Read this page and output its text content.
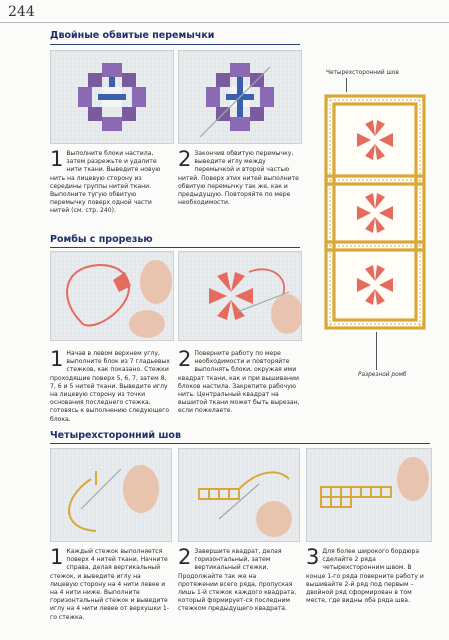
244
Двойные обвитые перемычки
1 Выполните блоки настила, затем разрежьте и удалите нити ткани. Выведите новую нить на лицевую сторону из середины группы нитей ткани. Выполните тугую обвитую перемычку поверх одной части нитей (см. стр. 240).
2 Закончив обвитую перемычку, выведите иглу между перемычкой и второй частью нитей. Поверх этих нитей выполните обвитую перемычку так же, как и предыдущую. Повторяйте по мере необходимости.
Ромбы с прорезью
1 Начав в левом верхнем углу, выполните блок из 7 гладьевых стежков, как показано. Стежки проходящие поверх 5, 6, 7, затем 8, 7, 6 и 5 нитей ткани. Выведите иглу на лицевую сторону из точки основания последнего стежка, готовясь к выполнению следующего блока.
2 Поверните работу по мере необходимости и повторяйте выполнять блоки, окружая ими квадрат ткани, как и при вышивании блоков настила. Закрепите рабочую нить. Центральный квадрат на вышитой ткани может быть вырезан, если пожелаете.
Четырехсторонний шов
1 Каждый стежок выполняется поверх 4 нитей ткани. Начните справа, делая вертикальный стежок, и выведите иглу на лицевую сторону на 4 нити левее и на 4 нити ниже. Выполните горизонтальный стежок и выведите иглу на 4 нити левее от верхушки 1-го стежка.
2 Завершите квадрат, делая горизонтальный, затем вертикальный стежки. Продолжайте так же на протяжении всего ряда, пропуская лишь 1-й стежок каждого квадрата, который формирует-ся последним стежком предыдущего квадрата.
3 Для более широкого бордюра сделайте 2 ряда четырехсторонним швом. В конце 1-го ряда поверните работу и вышивайте 2-й ряд под первым – двойной ряд сформирован в том месте, где видны оба ряда шва.
Четырехсторонний шов
Разрезной ромб
